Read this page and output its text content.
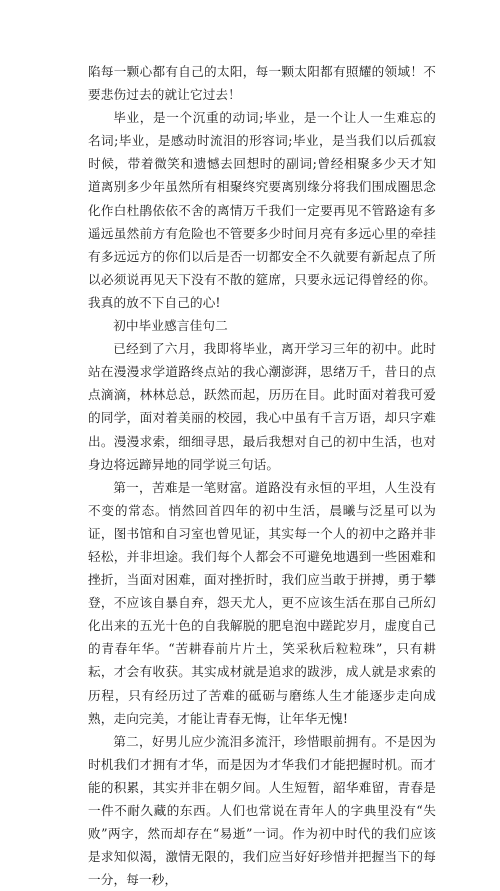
陷每一颗心都有自己的太阳，每一颗太阳都有照耀的领域！不要悲伤过去的就让它过去！

毕业，是一个沉重的动词;毕业，是一个让人一生难忘的名词;毕业，是感动时流泪的形容词;毕业，是当我们以后孤寂时候，带着微笑和遗憾去回想时的副词;曾经相聚多少天才知道离别多少年虽然所有相聚终究要离别缘分将我们围成圈思念化作白杜鹃依依不舍的离情万千我们一定要再见不管路途有多遥远虽然前方有危险也不管要多少时间月亮有多远心里的牵挂有多远远方的你们以后是否一切都安全不久就要有新起点了所以必须说再见天下没有不散的筵席，只要永远记得曾经的你。我真的放不下自己的心!

初中毕业感言佳句二

已经到了六月，我即将毕业，离开学习三年的初中。此时站在漫漫求学道路终点站的我心潮澎湃，思绪万千，昔日的点点滴滴，林林总总，跃然而起，历历在目。此时面对着我可爱的同学，面对着美丽的校园，我心中虽有千言万语，却只字难出。漫漫求索，细细寻思，最后我想对自己的初中生活，也对身边将远蹄异地的同学说三句话。

第一，苦难是一笔财富。道路没有永恒的平坦，人生没有不变的常态。悄然回首四年的初中生活，晨曦与泛星可以为证，图书馆和自习室也曾见证，其实每一个人的初中之路并非轻松，并非坦途。我们每个人都会不可避免地遇到一些困难和挫折，当面对困难，面对挫折时，我们应当敢于拼搏，勇于攀登，不应该自暴自弃，怨天尤人，更不应该生活在那自己所幻化出来的五光十色的自我解脱的肥皂泡中蹉跎岁月，虚度自己的青春年华。“苦耕春前片片土，笑采秋后粒粒珠”，只有耕耘，才会有收获。其实成材就是追求的跋涉，成人就是求索的历程，只有经历过了苦难的砥砺与磨练人生才能逐步走向成熟，走向完美，才能让青春无悔，让年华无愧!

第二，好男儿应少流泪多流汗，珍惜眼前拥有。不是因为时机我们才拥有才华，而是因为才华我们才能把握时机。而才能的积累，其实并非在朝夕间。人生短暂，韶华难留，青春是一件不耐久藏的东西。人们也常说在青年人的字典里没有“失败”两字，然而却存在“易逝”一词。作为初中时代的我们应该是求知似渴，激情无限的，我们应当好好珍惜并把握当下的每一分，每一秒，
